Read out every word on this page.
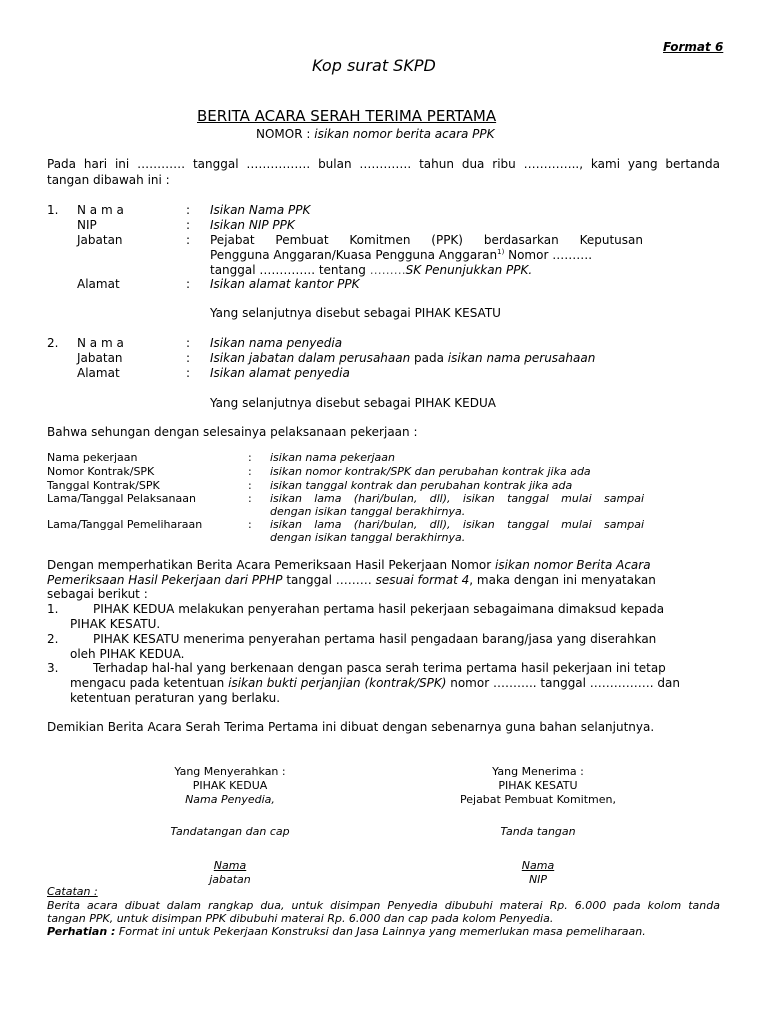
Format 6
Kop surat SKPD
BERITA ACARA SERAH TERIMA PERTAMA
NOMOR : isikan nomor berita acara PPK
Pada hari ini ………… tanggal ……………. bulan …………. tahun dua ribu ………….., kami yang bertanda
tangan dibawah ini :
1. N a m a	: Isikan Nama PPK
NIP	: Isikan NIP PPK
Jabatan	: Pejabat Pembuat Komitmen (PPK) berdasarkan Keputusan
Pengguna Anggaran/Kuasa Pengguna Anggaran$^{1)}$ Nomor ……….
tanggal ………….. tentang ………SK Penunjukkan PPK.
Alamat	: Isikan alamat kantor PPK
Yang selanjutnya disebut sebagai PIHAK KESATU
2. N a m a	: Isikan nama penyedia
Jabatan	: Isikan jabatan dalam perusahaan pada isikan nama perusahaan
Alamat	: Isikan alamat penyedia
Yang selanjutnya disebut sebagai PIHAK KEDUA
Bahwa sehungan dengan selesainya pelaksanaan pekerjaan :
Nama pekerjaan	: isikan nama pekerjaan
Nomor Kontrak/SPK	: isikan nomor kontrak/SPK dan perubahan kontrak jika ada
Tanggal Kontrak/SPK	: isikan tanggal kontrak dan perubahan kontrak jika ada
Lama/Tanggal Pelaksanaan	: isikan lama (hari/bulan, dll), isikan tanggal mulai sampai
dengan isikan tanggal berakhirnya.
Lama/Tanggal Pemeliharaan	: isikan lama (hari/bulan, dll), isikan tanggal mulai sampai
dengan isikan tanggal berakhirnya.
Dengan memperhatikan Berita Acara Pemeriksaan Hasil Pekerjaan Nomor isikan nomor Berita Acara
Pemeriksaan Hasil Pekerjaan dari PPHP tanggal ……… sesuai format 4, maka dengan ini menyatakan
sebagai berikut :
1.	PIHAK KEDUA melakukan penyerahan pertama hasil pekerjaan sebagaimana dimaksud kepada
PIHAK KESATU.
2.	PIHAK KESATU menerima penyerahan pertama hasil pengadaan barang/jasa yang diserahkan
oleh PIHAK KEDUA.
3.	Terhadap hal-hal yang berkenaan dengan pasca serah terima pertama hasil pekerjaan ini tetap
mengacu pada ketentuan isikan bukti perjanjian (kontrak/SPK) nomor ……….. tanggal ……………. dan
ketentuan peraturan yang berlaku.
Demikian Berita Acara Serah Terima Pertama ini dibuat dengan sebenarnya guna bahan selanjutnya.
Yang Menyerahkan :
PIHAK KEDUA
Nama Penyedia,
Tandatangan dan cap
Nama
jabatan
Yang Menerima :
PIHAK KESATU
Pejabat Pembuat Komitmen,
Tanda tangan
Nama
NIP
Catatan :
Berita acara dibuat dalam rangkap dua, untuk disimpan Penyedia dibubuhi materai Rp. 6.000 pada kolom tanda
tangan PPK, untuk disimpan PPK dibubuhi materai Rp. 6.000 dan cap pada kolom Penyedia.
Perhatian : Format ini untuk Pekerjaan Konstruksi dan Jasa Lainnya yang memerlukan masa pemeliharaan.
